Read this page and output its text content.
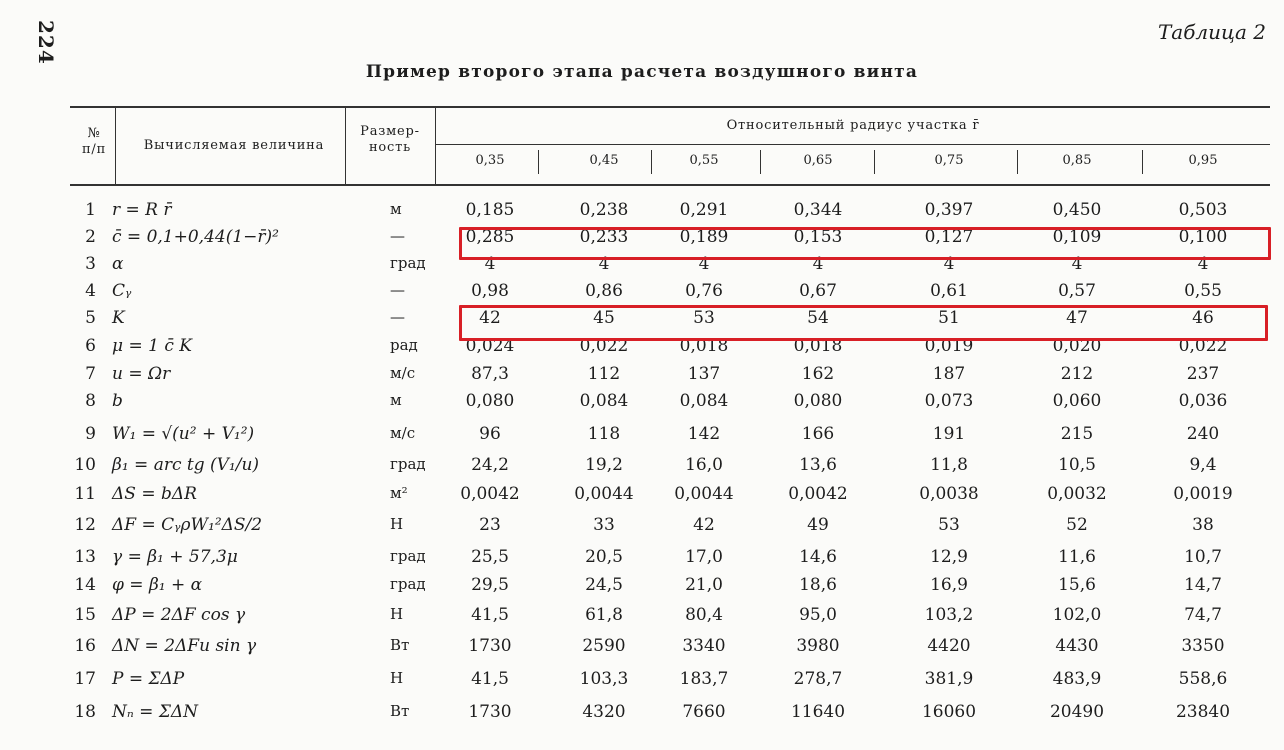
224	Таблица 2
Пример второго этапа расчета воздушного винта
№
п/п	Вычисляемая величина
Размер-
ность
Относительный радиус участка r̄
0,35	0,45	0,55	0,65	0,75	0,85	0,95
1 r = R r̄	м	0,185	0,238	0,291	0,344	0,397	0,450	0,503
2 c̄ = 0,1+0,44(1−r̄)²	—	0,285	0,233	0,189	0,153	0,127	0,109	0,100
3 α	град	4	4	4	4	4	4	4
4 Cᵧ	—	0,98	0,86	0,76	0,67	0,61	0,57	0,55
5 K	—	42	45	53	54	51	47	46
6 μ = 1 c̄ K	рад	0,024	0,022	0,018	0,018	0,019	0,020	0,022
7 u = Ωr	м/с	87,3	112	137	162	187	212	237
8 b	м	0,080	0,084	0,084	0,080	0,073	0,060	0,036
9 W₁ = √(u² + V₁²)	м/с	96	118	142	166	191	215	240
10 β₁ = arc tg (V₁/u)	град	24,2	19,2	16,0	13,6	11,8	10,5	9,4
11 ΔS = bΔR	м²	0,0042	0,0044	0,0044	0,0042	0,0038	0,0032	0,0019
12 ΔF = CᵧρW₁²ΔS/2	Н	23	33	42	49	53	52	38
13 γ = β₁ + 57,3μ	град	25,5	20,5	17,0	14,6	12,9	11,6	10,7
14 φ = β₁ + α	град	29,5	24,5	21,0	18,6	16,9	15,6	14,7
15 ΔP = 2ΔF cos γ	Н	41,5	61,8	80,4	95,0	103,2	102,0	74,7
16 ΔN = 2ΔFu sin γ	Вт	1730	2590	3340	3980	4420	4430	3350
17 P = ΣΔP	Н	41,5	103,3	183,7	278,7	381,9	483,9	558,6
18 Nₙ = ΣΔN	Вт	1730	4320	7660	11640	16060	20490	23840
